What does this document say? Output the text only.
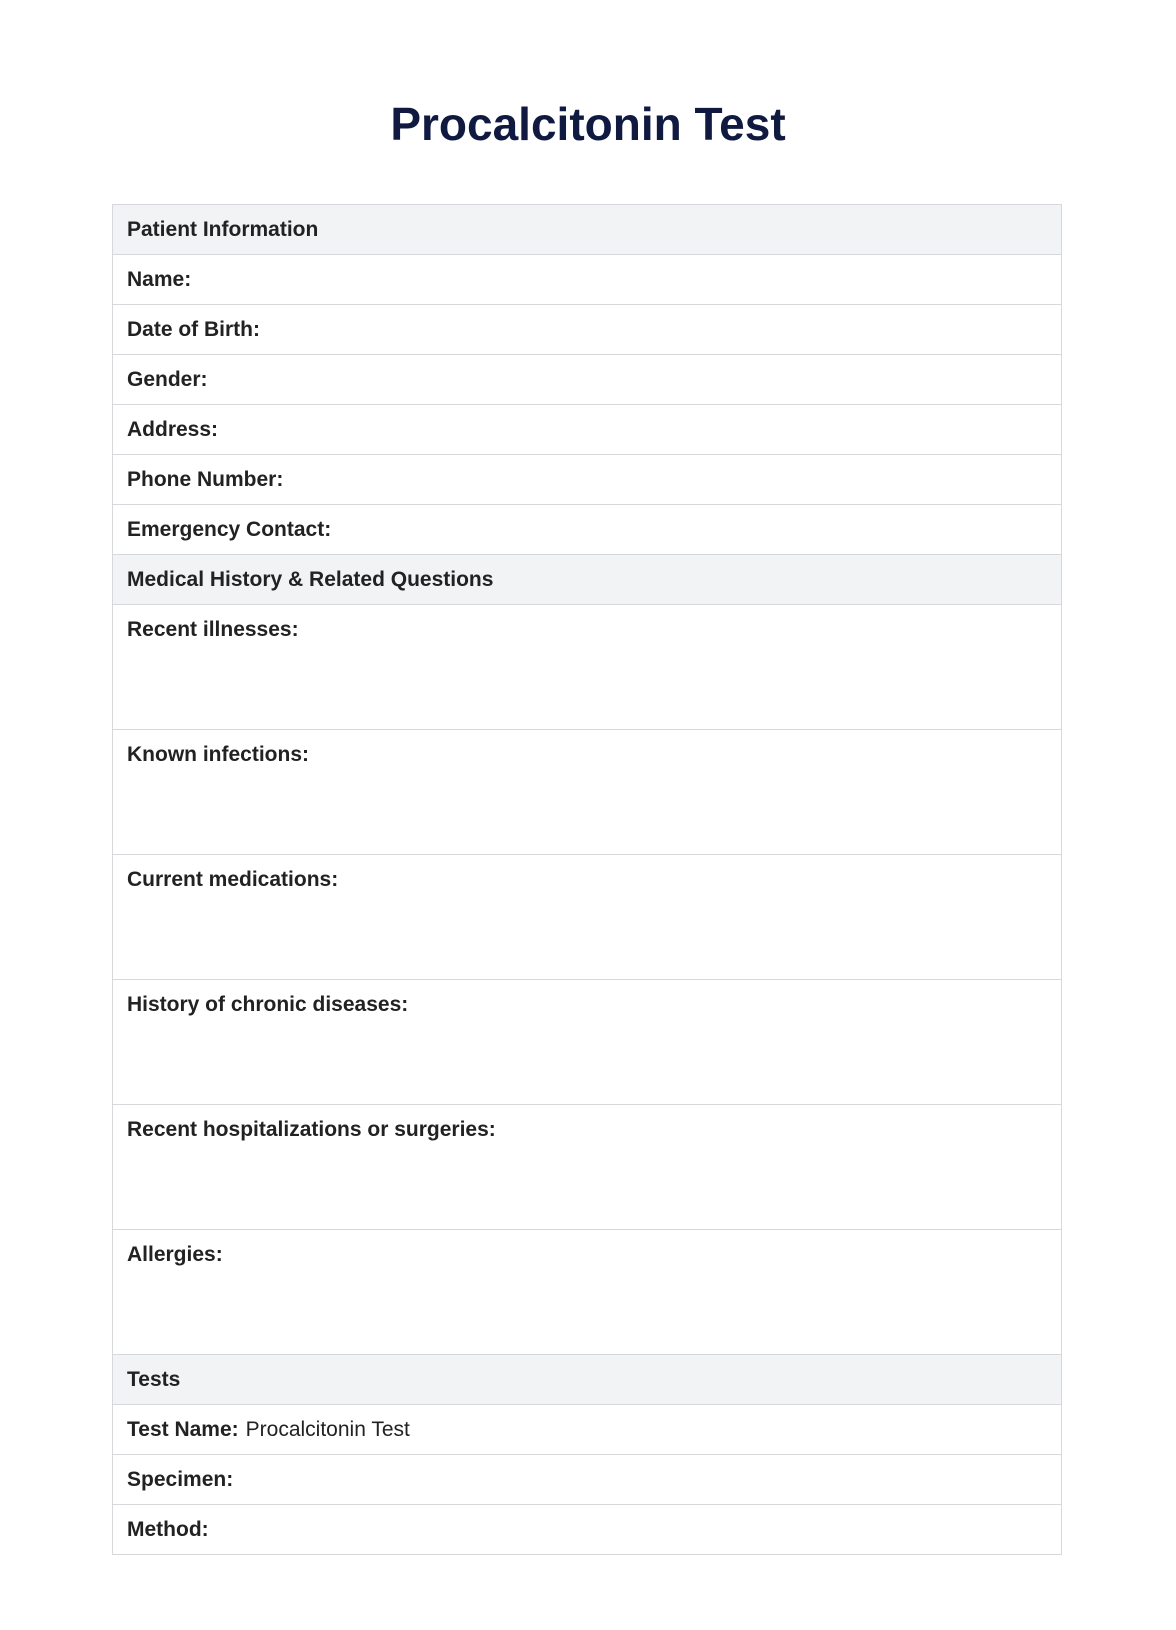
Procalcitonin Test
Patient Information
Name:
Date of Birth:
Gender:
Address:
Phone Number:
Emergency Contact:
Medical History & Related Questions
Recent illnesses:
Known infections:
Current medications:
History of chronic diseases:
Recent hospitalizations or surgeries:
Allergies:
Tests
Test Name: Procalcitonin Test
Specimen:
Method:
